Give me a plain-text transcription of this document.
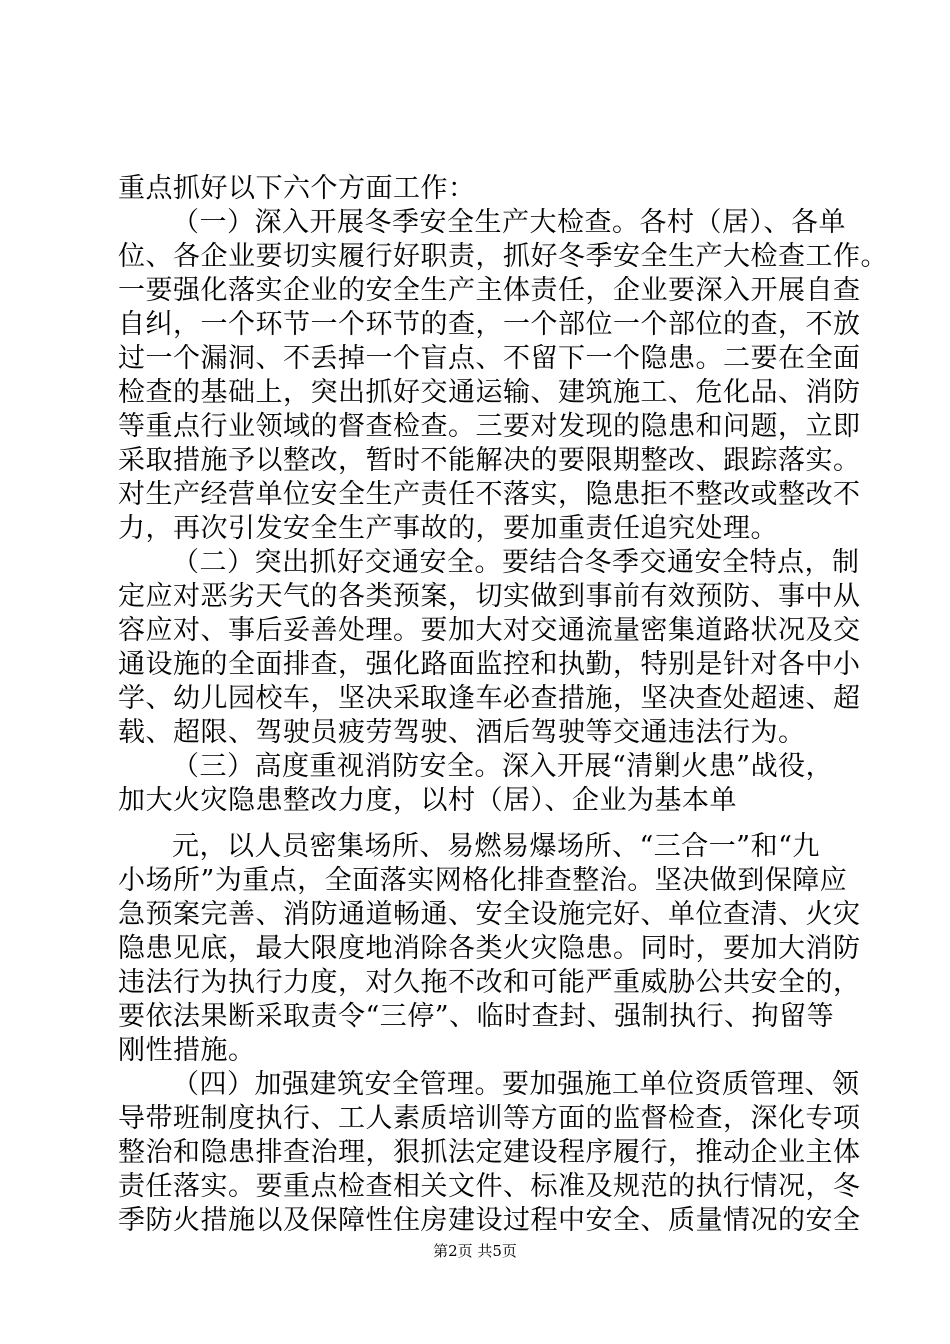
重点抓好以下六个方面工作：
（一）深入开展冬季安全生产大检查。各村（居）、各单
位、各企业要切实履行好职责，抓好冬季安全生产大检查工作。
一要强化落实企业的安全生产主体责任，企业要深入开展自查
自纠，一个环节一个环节的查，一个部位一个部位的查，不放
过一个漏洞、不丢掉一个盲点、不留下一个隐患。二要在全面
检查的基础上，突出抓好交通运输、建筑施工、危化品、消防
等重点行业领域的督查检查。三要对发现的隐患和问题，立即
采取措施予以整改，暂时不能解决的要限期整改、跟踪落实。
对生产经营单位安全生产责任不落实，隐患拒不整改或整改不
力，再次引发安全生产事故的，要加重责任追究处理。
（二）突出抓好交通安全。要结合冬季交通安全特点，制
定应对恶劣天气的各类预案，切实做到事前有效预防、事中从
容应对、事后妥善处理。要加大对交通流量密集道路状况及交
通设施的全面排查，强化路面监控和执勤，特别是针对各中小
学、幼儿园校车，坚决采取逢车必查措施，坚决查处超速、超
载、超限、驾驶员疲劳驾驶、酒后驾驶等交通违法行为。
（三）高度重视消防安全。深入开展“清剿火患”战役，
加大火灾隐患整改力度，以村（居）、企业为基本单
元，以人员密集场所、易燃易爆场所、“三合一”和“九
小场所”为重点，全面落实网格化排查整治。坚决做到保障应
急预案完善、消防通道畅通、安全设施完好、单位查清、火灾
隐患见底，最大限度地消除各类火灾隐患。同时，要加大消防
违法行为执行力度，对久拖不改和可能严重威胁公共安全的，
要依法果断采取责令“三停”、临时查封、强制执行、拘留等
刚性措施。
（四）加强建筑安全管理。要加强施工单位资质管理、领
导带班制度执行、工人素质培训等方面的监督检查，深化专项
整治和隐患排查治理，狠抓法定建设程序履行，推动企业主体
责任落实。要重点检查相关文件、标准及规范的执行情况，冬
季防火措施以及保障性住房建设过程中安全、质量情况的安全
第2页 共5页
